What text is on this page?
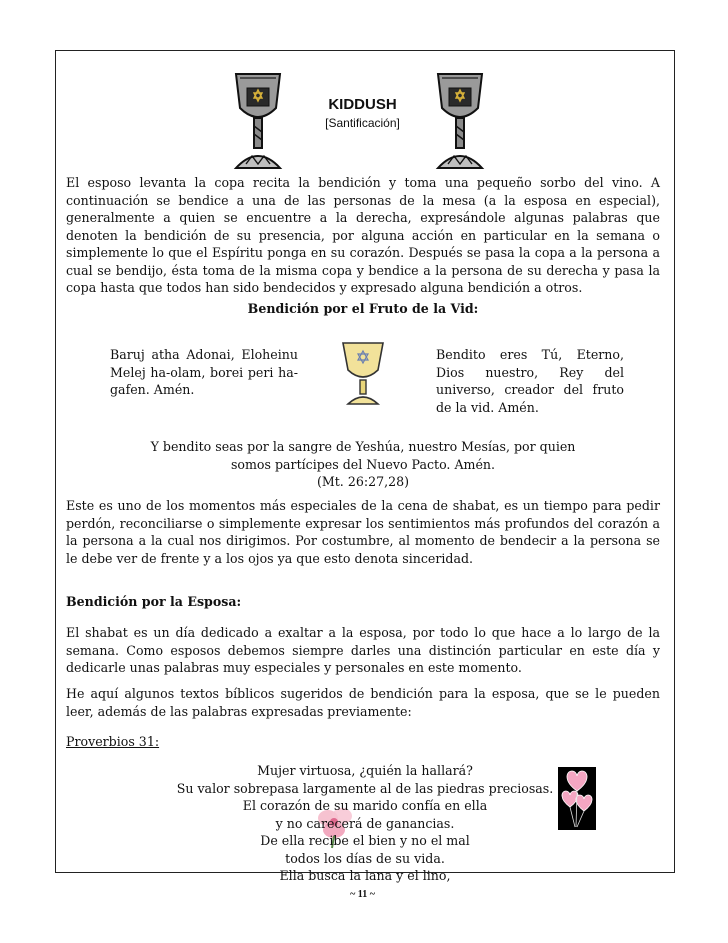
KIDDUSH
[Santificación]
El esposo levanta la copa recita la bendición y toma una pequeño sorbo del vino. A continuación se bendice a una de las personas de la mesa (a la esposa en especial), generalmente a quien se encuentre a la derecha, expresándole algunas palabras que denoten la bendición de su presencia, por alguna acción en particular en la semana o simplemente lo que el Espíritu ponga en su corazón. Después se pasa la copa a la persona a cual se bendijo, ésta toma de la misma copa y bendice a la persona de su derecha y pasa la copa hasta que todos han sido bendecidos y expresado alguna bendición a otros.
Bendición por el Fruto de la Vid:
Baruj atha Adonai, Eloheinu Melej ha-olam, borei peri ha-gafen. Amén.
Bendito eres Tú, Eterno, Dios nuestro, Rey del universo, creador del fruto de la vid. Amén.
Y bendito seas por la sangre de Yeshúa, nuestro Mesías, por quien
somos partícipes del Nuevo Pacto. Amén.
(Mt. 26:27,28)
Este es uno de los momentos más especiales de la cena de shabat, es un tiempo para pedir perdón, reconciliarse o simplemente expresar los sentimientos más profundos del corazón a la persona a la cual nos dirigimos. Por costumbre, al momento de bendecir a la persona se le debe ver de frente y a los ojos ya que esto denota sinceridad.
Bendición por la Esposa:
El shabat es un día dedicado a exaltar a la esposa, por todo lo que hace a lo largo de la semana. Como esposos debemos siempre darles una distinción particular en este día y dedicarle unas palabras muy especiales y personales en este momento.
He aquí algunos textos bíblicos sugeridos de bendición para la esposa, que se le pueden leer, además de las palabras expresadas previamente:
Proverbios 31:
Mujer virtuosa, ¿quién la hallará?
Su valor sobrepasa largamente al de las piedras preciosas.
El corazón de su marido confía en ella
y no carecerá de ganancias.
De ella recibe el bien y no el mal
todos los días de su vida.
Ella busca la lana y el lino,
~ 11 ~
